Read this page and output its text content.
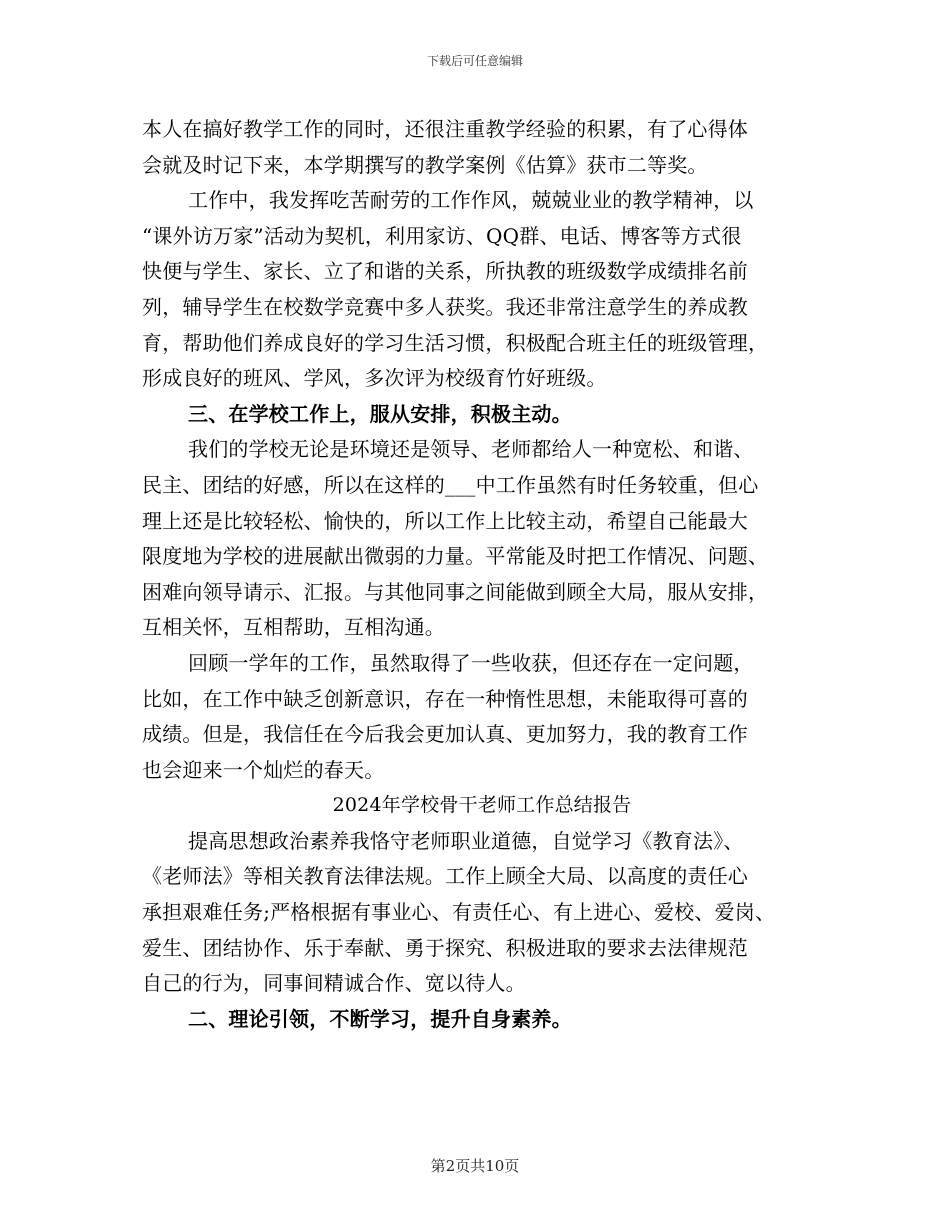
下载后可任意编辑
本人在搞好教学工作的同时，还很注重教学经验的积累，有了心得体
会就及时记下来，本学期撰写的教学案例《估算》获市二等奖。
工作中，我发挥吃苦耐劳的工作作风，兢兢业业的教学精神，以
“课外访万家”活动为契机，利用家访、QQ群、电话、博客等方式很
快便与学生、家长、立了和谐的关系，所执教的班级数学成绩排名前
列，辅导学生在校数学竞赛中多人获奖。我还非常注意学生的养成教
育，帮助他们养成良好的学习生活习惯，积极配合班主任的班级管理，
形成良好的班风、学风，多次评为校级育竹好班级。
三、在学校工作上，服从安排，积极主动。
我们的学校无论是环境还是领导、老师都给人一种宽松、和谐、
民主、团结的好感，所以在这样的___中工作虽然有时任务较重，但心
理上还是比较轻松、愉快的，所以工作上比较主动，希望自己能最大
限度地为学校的进展献出微弱的力量。平常能及时把工作情况、问题、
困难向领导请示、汇报。与其他同事之间能做到顾全大局，服从安排，
互相关怀，互相帮助，互相沟通。
回顾一学年的工作，虽然取得了一些收获，但还存在一定问题，
比如，在工作中缺乏创新意识，存在一种惰性思想，未能取得可喜的
成绩。但是，我信任在今后我会更加认真、更加努力，我的教育工作
也会迎来一个灿烂的春天。
2024年学校骨干老师工作总结报告
提高思想政治素养我恪守老师职业道德，自觉学习《教育法》、
《老师法》等相关教育法律法规。工作上顾全大局、以高度的责任心
承担艰难任务;严格根据有事业心、有责任心、有上进心、爱校、爱岗、
爱生、团结协作、乐于奉献、勇于探究、积极进取的要求去法律规范
自己的行为，同事间精诚合作、宽以待人。
二、理论引领，不断学习，提升自身素养。
第2页共10页
